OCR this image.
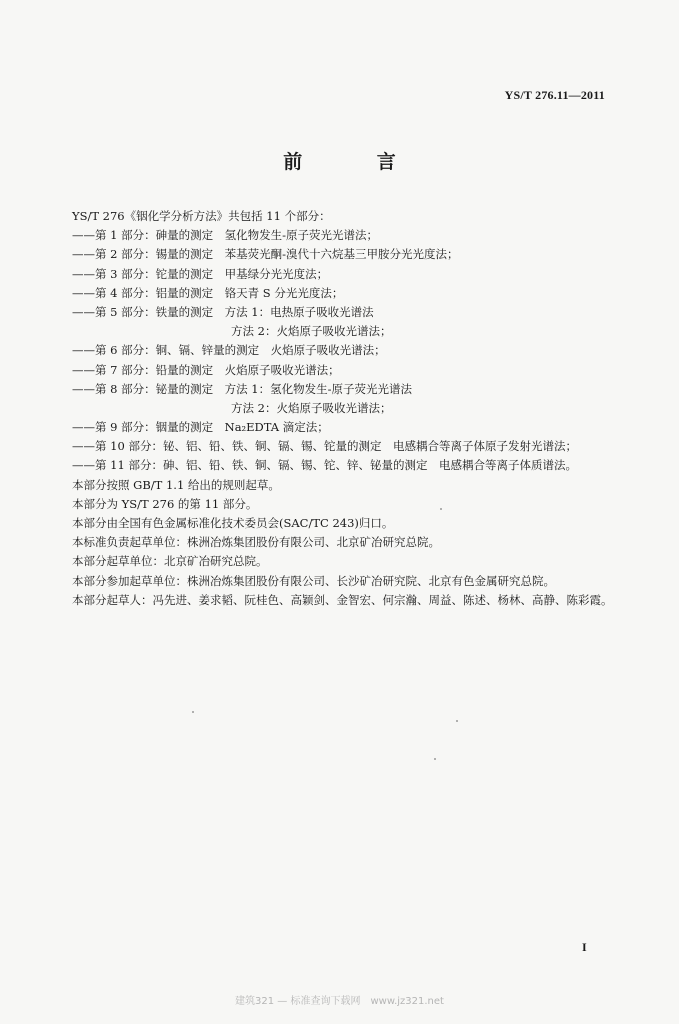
YS/T 276.11—2011
前 言
YS/T 276《铟化学分析方法》共包括 11 个部分：
——第 1 部分：砷量的测定　氢化物发生-原子荧光光谱法；
——第 2 部分：锡量的测定　苯基荧光酮-溴代十六烷基三甲胺分光光度法；
——第 3 部分：铊量的测定　甲基绿分光光度法；
——第 4 部分：铝量的测定　铬天青 S 分光光度法；
——第 5 部分：铁量的测定　方法 1：电热原子吸收光谱法
方法 2：火焰原子吸收光谱法；
——第 6 部分：铜、镉、锌量的测定　火焰原子吸收光谱法；
——第 7 部分：铅量的测定　火焰原子吸收光谱法；
——第 8 部分：铋量的测定　方法 1：氢化物发生-原子荧光光谱法
方法 2：火焰原子吸收光谱法；
——第 9 部分：铟量的测定　Na₂EDTA 滴定法；
——第 10 部分：铋、铝、铅、铁、铜、镉、锡、铊量的测定　电感耦合等离子体原子发射光谱法；
——第 11 部分：砷、铝、铅、铁、铜、镉、锡、铊、锌、铋量的测定　电感耦合等离子体质谱法。
本部分按照 GB/T 1.1 给出的规则起草。
本部分为 YS/T 276 的第 11 部分。
本部分由全国有色金属标准化技术委员会(SAC/TC 243)归口。
本标准负责起草单位：株洲冶炼集团股份有限公司、北京矿冶研究总院。
本部分起草单位：北京矿冶研究总院。
本部分参加起草单位：株洲冶炼集团股份有限公司、长沙矿冶研究院、北京有色金属研究总院。
本部分起草人：冯先进、姜求韬、阮桂色、高颖剑、金智宏、何宗瀚、周益、陈述、杨林、高静、陈彩霞。
I
建筑321 — 标准查询下载网　www.jz321.net
